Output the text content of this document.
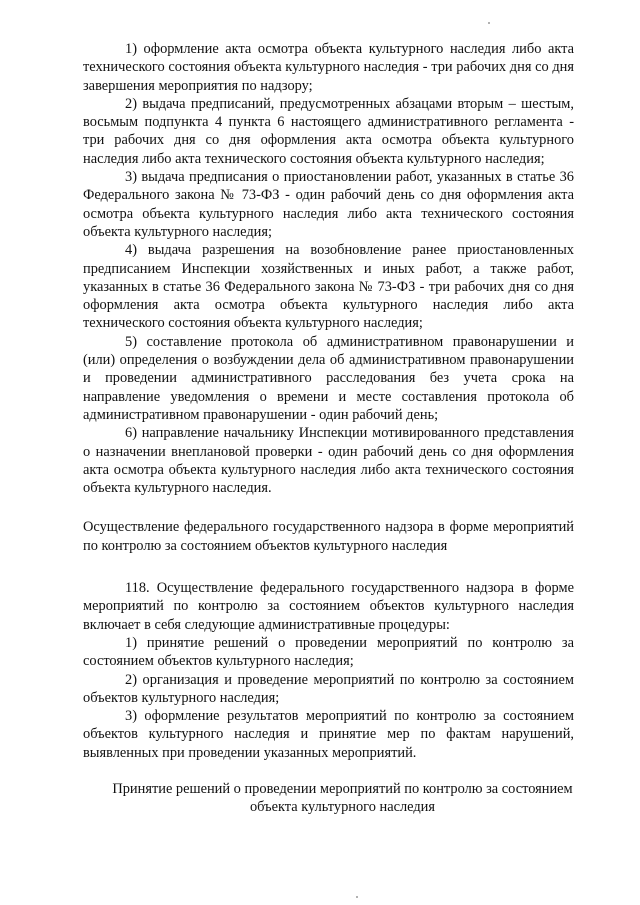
1) оформление акта осмотра объекта культурного наследия либо акта технического состояния объекта культурного наследия - три рабочих дня со дня завершения мероприятия по надзору;

2) выдача предписаний, предусмотренных абзацами вторым – шестым, восьмым подпункта 4 пункта 6 настоящего административного регламента - три рабочих дня со дня оформления акта осмотра объекта культурного наследия либо акта технического состояния объекта культурного наследия;

3) выдача предписания о приостановлении работ, указанных в статье 36 Федерального закона № 73-ФЗ - один рабочий день со дня оформления акта осмотра объекта культурного наследия либо акта технического состояния объекта культурного наследия;

4) выдача разрешения на возобновление ранее приостановленных предписанием Инспекции хозяйственных и иных работ, а также работ, указанных в статье 36 Федерального закона № 73-ФЗ - три рабочих дня со дня оформления акта осмотра объекта культурного наследия либо акта технического состояния объекта культурного наследия;

5) составление протокола об административном правонарушении и (или) определения о возбуждении дела об административном правонарушении и проведении административного расследования без учета срока на направление уведомления о времени и месте составления протокола об административном правонарушении - один рабочий день;

6) направление начальнику Инспекции мотивированного представления о назначении внеплановой проверки - один рабочий день со дня оформления акта осмотра объекта культурного наследия либо акта технического состояния объекта культурного наследия.

Осуществление федерального государственного надзора в форме мероприятий по контролю за состоянием объектов культурного наследия

118. Осуществление федерального государственного надзора в форме мероприятий по контролю за состоянием объектов культурного наследия включает в себя следующие административные процедуры:

1) принятие решений о проведении мероприятий по контролю за состоянием объектов культурного наследия;

2) организация и проведение мероприятий по контролю за состоянием объектов культурного наследия;

3) оформление результатов мероприятий по контролю за состоянием объектов культурного наследия и принятие мер по фактам нарушений, выявленных при проведении указанных мероприятий.

Принятие решений о проведении мероприятий по контролю за состоянием объекта культурного наследия
